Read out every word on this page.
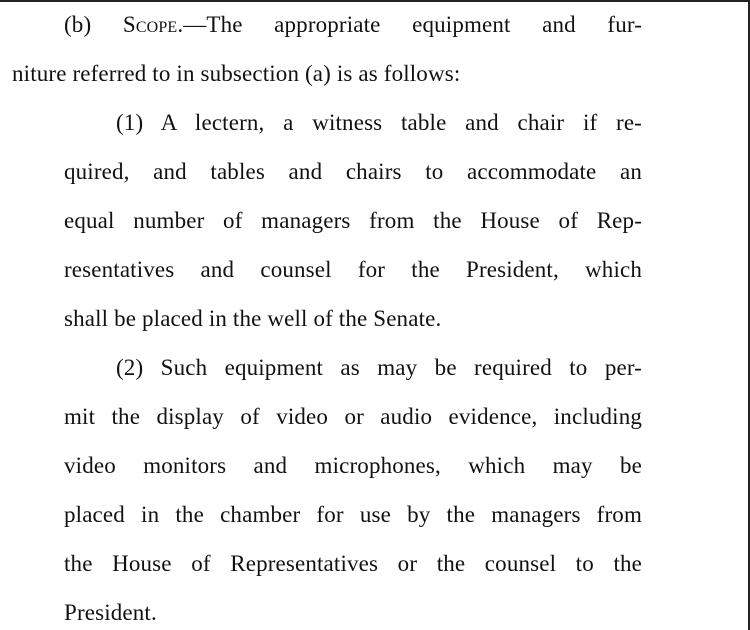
(b) Scope.—The appropriate equipment and fur-
niture referred to in subsection (a) is as follows:
(1) A lectern, a witness table and chair if re-
quired, and tables and chairs to accommodate an
equal number of managers from the House of Rep-
resentatives and counsel for the President, which
shall be placed in the well of the Senate.
(2) Such equipment as may be required to per-
mit the display of video or audio evidence, including
video monitors and microphones, which may be
placed in the chamber for use by the managers from
the House of Representatives or the counsel to the
President.
